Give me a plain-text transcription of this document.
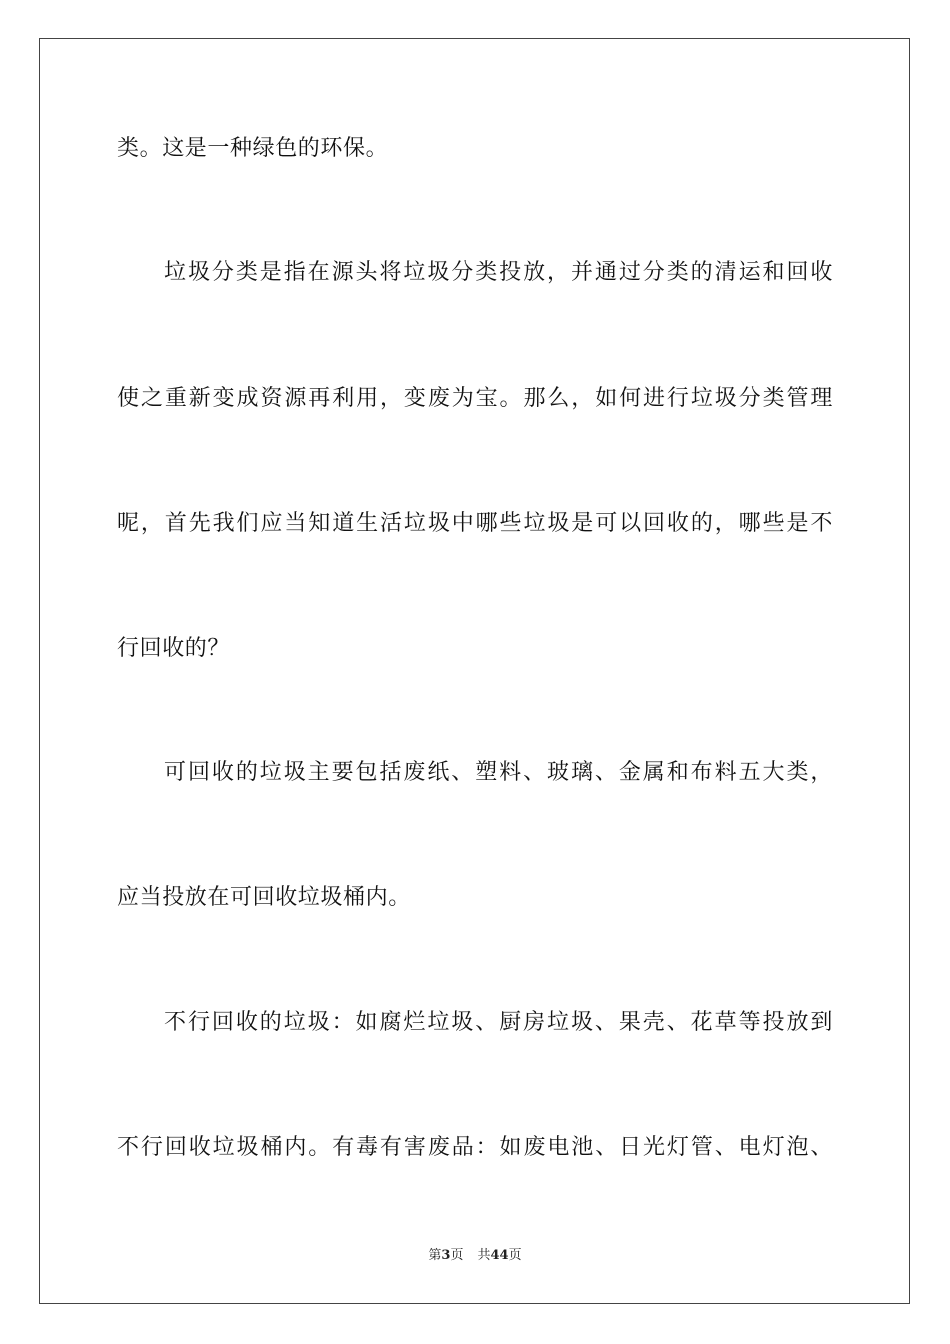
类。这是一种绿色的环保。
垃圾分类是指在源头将垃圾分类投放，并通过分类的清运和回收
使之重新变成资源再利用，变废为宝。那么，如何进行垃圾分类管理
呢，首先我们应当知道生活垃圾中哪些垃圾是可以回收的，哪些是不
行回收的？
可回收的垃圾主要包括废纸、塑料、玻璃、金属和布料五大类，
应当投放在可回收垃圾桶内。
不行回收的垃圾：如腐烂垃圾、厨房垃圾、果壳、花草等投放到
不行回收垃圾桶内。有毒有害废品：如废电池、日光灯管、电灯泡、
第3页 共44页
